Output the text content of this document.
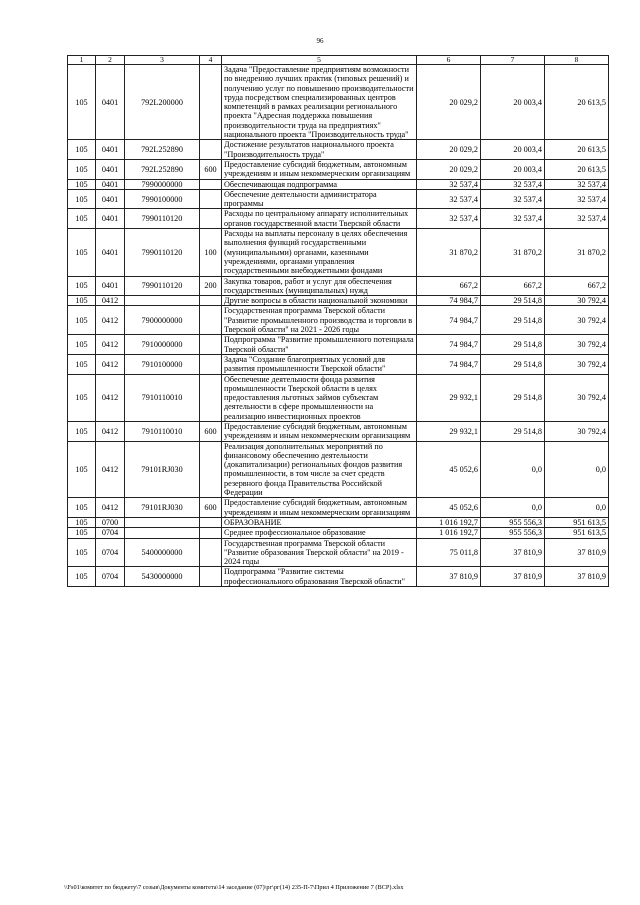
96
1	2	3	4	5	6	7	8
105	0401	792L200000		Задача "Предоставление предприятиям возможности по внедрению лучших практик (типовых решений) и получению услуг по повышению производительности труда посредством специализированных центров компетенций в рамках реализации регионального проекта "Адресная поддержка повышения производительности труда на предприятиях" национального проекта "Производительность труда"	20 029,2	20 003,4	20 613,5
105	0401	792L252890		Достижение результатов национального проекта "Производительность труда"	20 029,2	20 003,4	20 613,5
105	0401	792L252890	600	Предоставление субсидий бюджетным, автономным учреждениям и иным некоммерческим организациям	20 029,2	20 003,4	20 613,5
105	0401	7990000000		Обеспечивающая подпрограмма	32 537,4	32 537,4	32 537,4
105	0401	7990100000		Обеспечение деятельности администратора программы	32 537,4	32 537,4	32 537,4
105	0401	7990110120		Расходы по центральному аппарату исполнительных органов государственной власти Тверской области	32 537,4	32 537,4	32 537,4
105	0401	7990110120	100	Расходы на выплаты персоналу в целях обеспечения выполнения функций государственными (муниципальными) органами, казенными учреждениями, органами управления государственными внебюджетными фондами	31 870,2	31 870,2	31 870,2
105	0401	7990110120	200	Закупка товаров, работ и услуг для обеспечения государственных (муниципальных) нужд	667,2	667,2	667,2
105	0412			Другие вопросы в области национальной экономики	74 984,7	29 514,8	30 792,4
105	0412	7900000000		Государственная программа Тверской области "Развитие промышленного производства и торговли в Тверской области" на 2021 - 2026 годы	74 984,7	29 514,8	30 792,4
105	0412	7910000000		Подпрограмма "Развитие промышленного потенциала Тверской области"	74 984,7	29 514,8	30 792,4
105	0412	7910100000		Задача "Создание благоприятных условий для развития промышленности Тверской области"	74 984,7	29 514,8	30 792,4
105	0412	7910110010		Обеспечение деятельности фонда развития промышленности Тверской области в целях предоставления льготных займов субъектам деятельности в сфере промышленности на реализацию инвестиционных проектов	29 932,1	29 514,8	30 792,4
105	0412	7910110010	600	Предоставление субсидий бюджетным, автономным учреждениям и иным некоммерческим организациям	29 932,1	29 514,8	30 792,4
105	0412	79101RJ030		Реализация дополнительных мероприятий по финансовому обеспечению деятельности (докапитализации) региональных фондов развития промышленности, в том числе за счет средств резервного фонда Правительства Российской Федерации	45 052,6	0,0	0,0
105	0412	79101RJ030	600	Предоставление субсидий бюджетным, автономным учреждениям и иным некоммерческим организациям	45 052,6	0,0	0,0
105	0700			ОБРАЗОВАНИЕ	1 016 192,7	955 556,3	951 613,5
105	0704			Среднее профессиональное образование	1 016 192,7	955 556,3	951 613,5
105	0704	5400000000		Государственная программа Тверской области "Развитие образования Тверской области" на 2019 - 2024 годы	75 011,8	37 810,9	37 810,9
105	0704	5430000000		Подпрограмма "Развитие системы профессионального образования Тверской области"	37 810,9	37 810,9	37 810,9
\\Fs01\комитет по бюджету\7 созыв\Документы комитета\14 заседание (07)\рг\рг(14) 235-П-7\Прил 4 Приложение 7 (ВСР).xlsx
